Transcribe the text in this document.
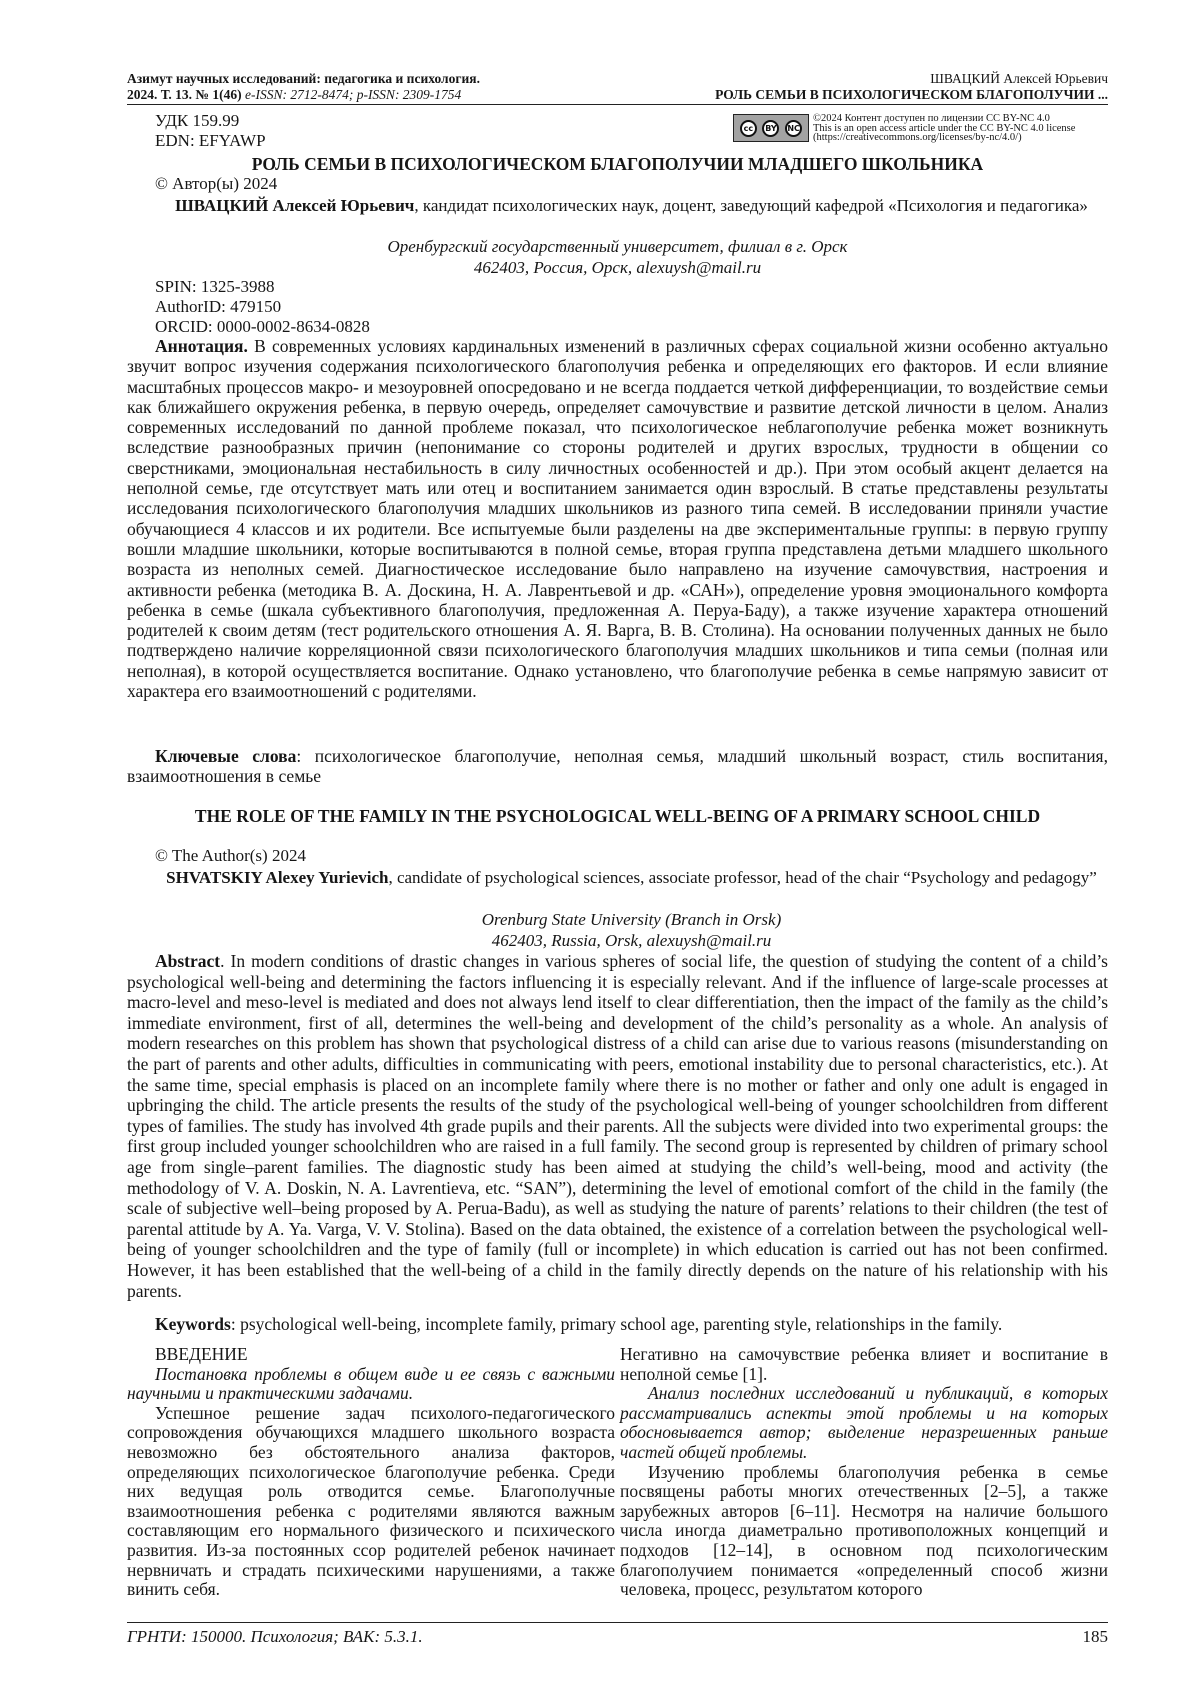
Азимут научных исследований: педагогика и психология.
2024. Т. 13. № 1(46) e-ISSN: 2712-8474; p-ISSN: 2309-1754
ШВАЦКИЙ Алексей Юрьевич
РОЛЬ СЕМЬИ В ПСИХОЛОГИЧЕСКОМ БЛАГОПОЛУЧИИ ...
УДК 159.99
EDN: EFYAWP
cc	BY	NC
©2024 Контент доступен по лицензии CC BY-NC 4.0
This is an open access article under the CC BY-NC 4.0 license
(https://creativecommons.org/licenses/by-nc/4.0/)
РОЛЬ СЕМЬИ В ПСИХОЛОГИЧЕСКОМ БЛАГОПОЛУЧИИ МЛАДШЕГО ШКОЛЬНИКА
© Автор(ы) 2024
ШВАЦКИЙ Алексей Юрьевич, кандидат психологических наук, доцент, заведующий кафедрой «Психология и педагогика»
Оренбургский государственный университет, филиал в г. Орск
462403, Россия, Орск, alexuysh@mail.ru
SPIN: 1325-3988
AuthorID: 479150
ORCID: 0000-0002-8634-0828

Аннотация. В современных условиях кардинальных изменений в различных сферах социальной жизни особенно актуально звучит вопрос изучения содержания психологического благополучия ребенка и определяющих его факторов. И если влияние масштабных процессов макро- и мезоуровней опосредовано и не всегда поддается четкой дифференциации, то воздействие семьи как ближайшего окружения ребенка, в первую очередь, определяет самочувствие и развитие детской личности в целом. Анализ современных исследований по данной проблеме показал, что психологическое неблагополучие ребенка может возникнуть вследствие разнообразных причин (непонимание со стороны родителей и других взрослых, трудности в общении со сверстниками, эмоциональная нестабильность в силу личностных особенностей и др.). При этом особый акцент делается на неполной семье, где отсутствует мать или отец и воспитанием занимается один взрослый. В статье представлены результаты исследования психологического благополучия младших школьников из разного типа семей. В исследовании приняли участие обучающиеся 4 классов и их родители. Все испытуемые были разделены на две экспериментальные группы: в первую группу вошли младшие школьники, которые воспитываются в полной семье, вторая группа представлена детьми младшего школьного возраста из неполных семей. Диагностическое исследование было направлено на изучение самочувствия, настроения и активности ребенка (методика В. А. Доскина, Н. А. Лаврентьевой и др. «САН»), определение уровня эмоционального комфорта ребенка в семье (шкала субъективного благополучия, предложенная А. Перуа-Баду), а также изучение характера отношений родителей к своим детям (тест родительского отношения А. Я. Варга, В. В. Столина). На основании полученных данных не было подтверждено наличие корреляционной связи психологического благополучия младших школьников и типа семьи (полная или неполная), в которой осуществляется воспитание. Однако установлено, что благополучие ребенка в семье напрямую зависит от характера его взаимоотношений с родителями.

Ключевые слова: психологическое благополучие, неполная семья, младший школьный возраст, стиль воспитания, взаимоотношения в семье

THE ROLE OF THE FAMILY IN THE PSYCHOLOGICAL WELL-BEING OF A PRIMARY SCHOOL CHILD
© The Author(s) 2024
SHVATSKIY Alexey Yurievich, candidate of psychological sciences, associate professor, head of the chair “Psychology and pedagogy”
Orenburg State University (Branch in Orsk)
462403, Russia, Orsk, alexuysh@mail.ru

Abstract. In modern conditions of drastic changes in various spheres of social life, the question of studying the content of a child’s psychological well-being and determining the factors influencing it is especially relevant. And if the influence of large-scale processes at macro-level and meso-level is mediated and does not always lend itself to clear differentiation, then the impact of the family as the child’s immediate environment, first of all, determines the well-being and development of the child’s personality as a whole. An analysis of modern researches on this problem has shown that psychological distress of a child can arise due to various reasons (misunderstanding on the part of parents and other adults, difficulties in communicating with peers, emotional instability due to personal characteristics, etc.). At the same time, special emphasis is placed on an incomplete family where there is no mother or father and only one adult is engaged in upbringing the child. The article presents the results of the study of the psychological well-being of younger schoolchildren from different types of families. The study has involved 4th grade pupils and their parents. All the subjects were divided into two experimental groups: the first group included younger schoolchildren who are raised in a full family. The second group is represented by children of primary school age from single–parent families. The diagnostic study has been aimed at studying the child’s well-being, mood and activity (the methodology of V. A. Doskin, N. A. Lavrentieva, etc. “SAN”), determining the level of emotional comfort of the child in the family (the scale of subjective well–being proposed by A. Perua-Badu), as well as studying the nature of parents’ relations to their children (the test of parental attitude by A. Ya. Varga, V. V. Stolina). Based on the data obtained, the existence of a correlation between the psychological well-being of younger schoolchildren and the type of family (full or incomplete) in which education is carried out has not been confirmed. However, it has been established that the well-being of a child in the family directly depends on the nature of his relationship with his parents.

Keywords: psychological well-being, incomplete family, primary school age, parenting style, relationships in the family.

ВВЕДЕНИЕ

Постановка проблемы в общем виде и ее связь с важными научными и практическими задачами.

Успешное решение задач психолого-педагогического сопровождения обучающихся младшего школьного возраста невозможно без обстоятельного анализа факторов, определяющих психологическое благополучие ребенка. Среди них ведущая роль отводится семье. Благополучные взаимоотношения ребенка с родителями являются важным составляющим его нормального физического и психического развития. Из-за постоянных ссор родителей ребенок начинает нервничать и страдать психическими нарушениями, а также винить себя.

Негативно на самочувствие ребенка влияет и воспитание в неполной семье [1].

Анализ последних исследований и публикаций, в которых рассматривались аспекты этой проблемы и на которых обосновывается автор; выделение неразрешенных раньше частей общей проблемы.

Изучению проблемы благополучия ребенка в семье посвящены работы многих отечественных [2–5], а также зарубежных авторов [6–11]. Несмотря на наличие большого числа иногда диаметрально противоположных концепций и подходов [12–14], в основном под психологическим благополучием понимается «определенный способ жизни человека, процесс, результатом которого

ГРНТИ: 150000. Психология; ВАК: 5.3.1.	185
